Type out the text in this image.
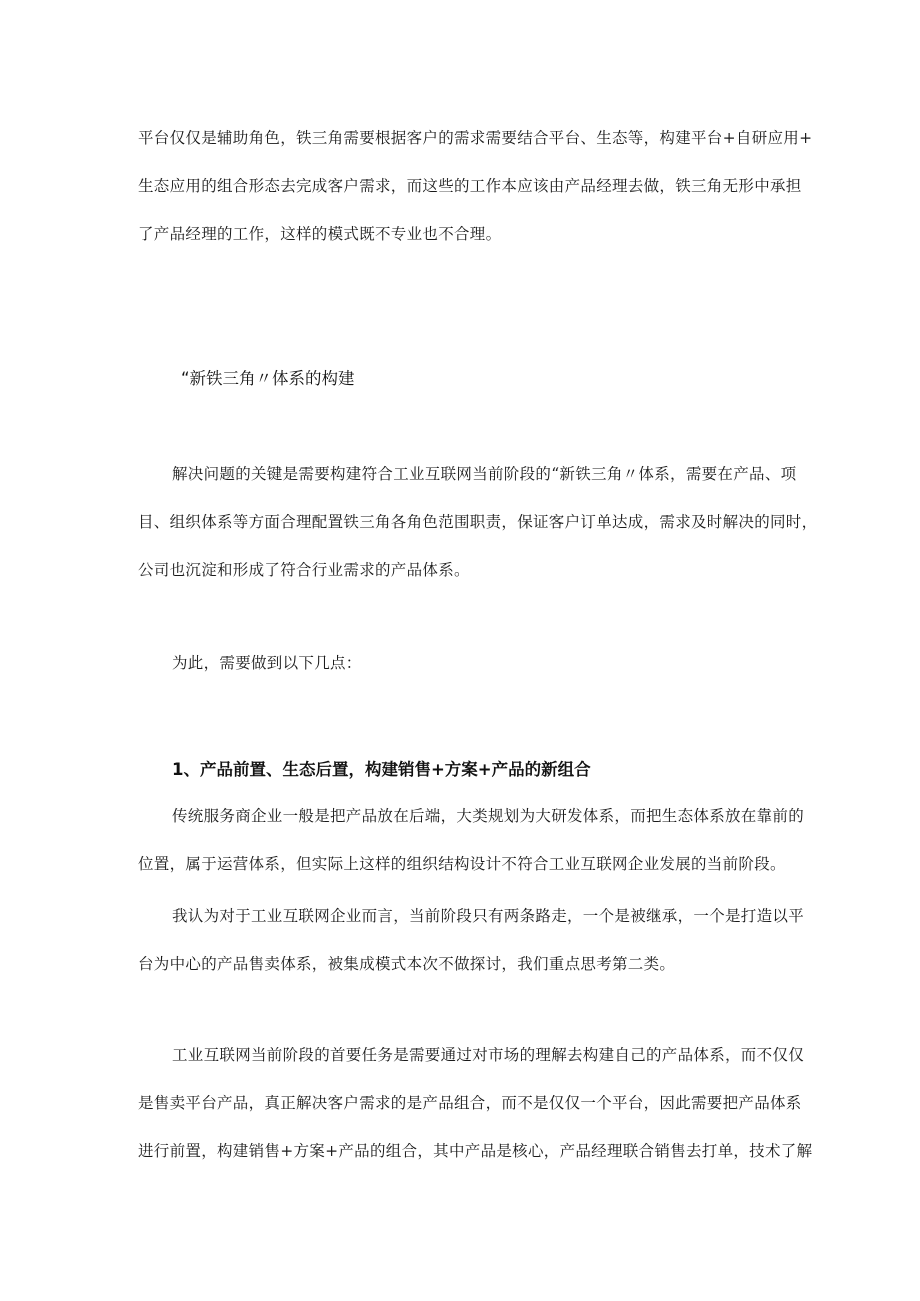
平台仅仅是辅助角色，铁三角需要根据客户的需求需要结合平台、生态等，构建平台+自研应用+
生态应用的组合形态去完成客户需求，而这些的工作本应该由产品经理去做，铁三角无形中承担
了产品经理的工作，这样的模式既不专业也不合理。
“新铁三角〃体系的构建
解决问题的关键是需要构建符合工业互联网当前阶段的“新铁三角〃体系，需要在产品、项
目、组织体系等方面合理配置铁三角各角色范围职责，保证客户订单达成，需求及时解决的同时，
公司也沉淀和形成了符合行业需求的产品体系。
为此，需要做到以下几点：
1、产品前置、生态后置，构建销售+方案+产品的新组合
传统服务商企业一般是把产品放在后端，大类规划为大研发体系，而把生态体系放在靠前的
位置，属于运营体系，但实际上这样的组织结构设计不符合工业互联网企业发展的当前阶段。
我认为对于工业互联网企业而言，当前阶段只有两条路走，一个是被继承，一个是打造以平
台为中心的产品售卖体系，被集成模式本次不做探讨，我们重点思考第二类。
工业互联网当前阶段的首要任务是需要通过对市场的理解去构建自己的产品体系，而不仅仅
是售卖平台产品，真正解决客户需求的是产品组合，而不是仅仅一个平台，因此需要把产品体系
进行前置，构建销售+方案+产品的组合，其中产品是核心，产品经理联合销售去打单，技术了解
